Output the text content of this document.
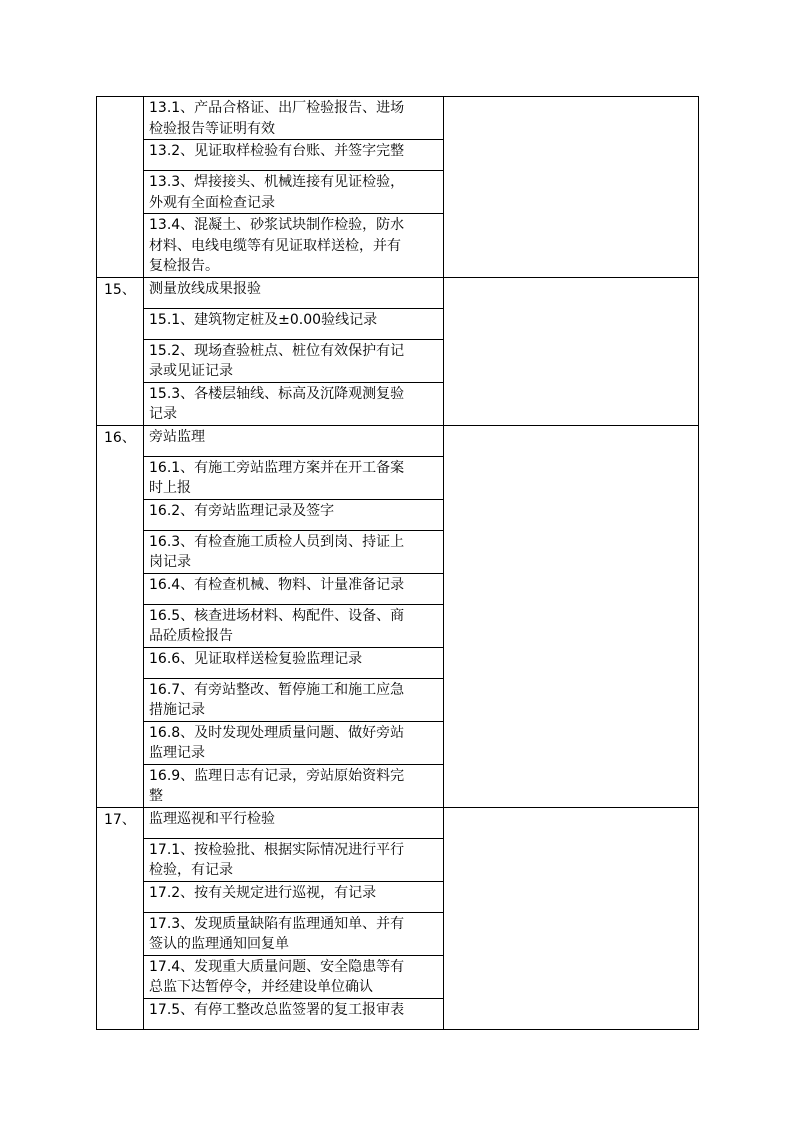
	13.1、产品合格证、出厂检验报告、进场
检验报告等证明有效	
	13.2、见证取样检验有台账、并签字完整	
	13.3、焊接接头、机械连接有见证检验，
外观有全面检查记录	
	13.4、混凝土、砂浆试块制作检验，防水
材料、电线电缆等有见证取样送检，并有
复检报告。	
15、	测量放线成果报验	
	15.1、建筑物定桩及±0.00验线记录	
	15.2、现场查验桩点、桩位有效保护有记
录或见证记录	
	15.3、各楼层轴线、标高及沉降观测复验
记录	
16、	旁站监理	
	16.1、有施工旁站监理方案并在开工备案
时上报	
	16.2、有旁站监理记录及签字	
	16.3、有检查施工质检人员到岗、持证上
岗记录	
	16.4、有检查机械、物料、计量准备记录	
	16.5、核查进场材料、构配件、设备、商
品砼质检报告	
	16.6、见证取样送检复验监理记录	
	16.7、有旁站整改、暂停施工和施工应急
措施记录	
	16.8、及时发现处理质量问题、做好旁站
监理记录	
	16.9、监理日志有记录，旁站原始资料完
整	
17、	监理巡视和平行检验	
	17.1、按检验批、根据实际情况进行平行
检验，有记录	
	17.2、按有关规定进行巡视，有记录	
	17.3、发现质量缺陷有监理通知单、并有
签认的监理通知回复单	
	17.4、发现重大质量问题、安全隐患等有
总监下达暂停令，并经建设单位确认	
	17.5、有停工整改总监签署的复工报审表	
